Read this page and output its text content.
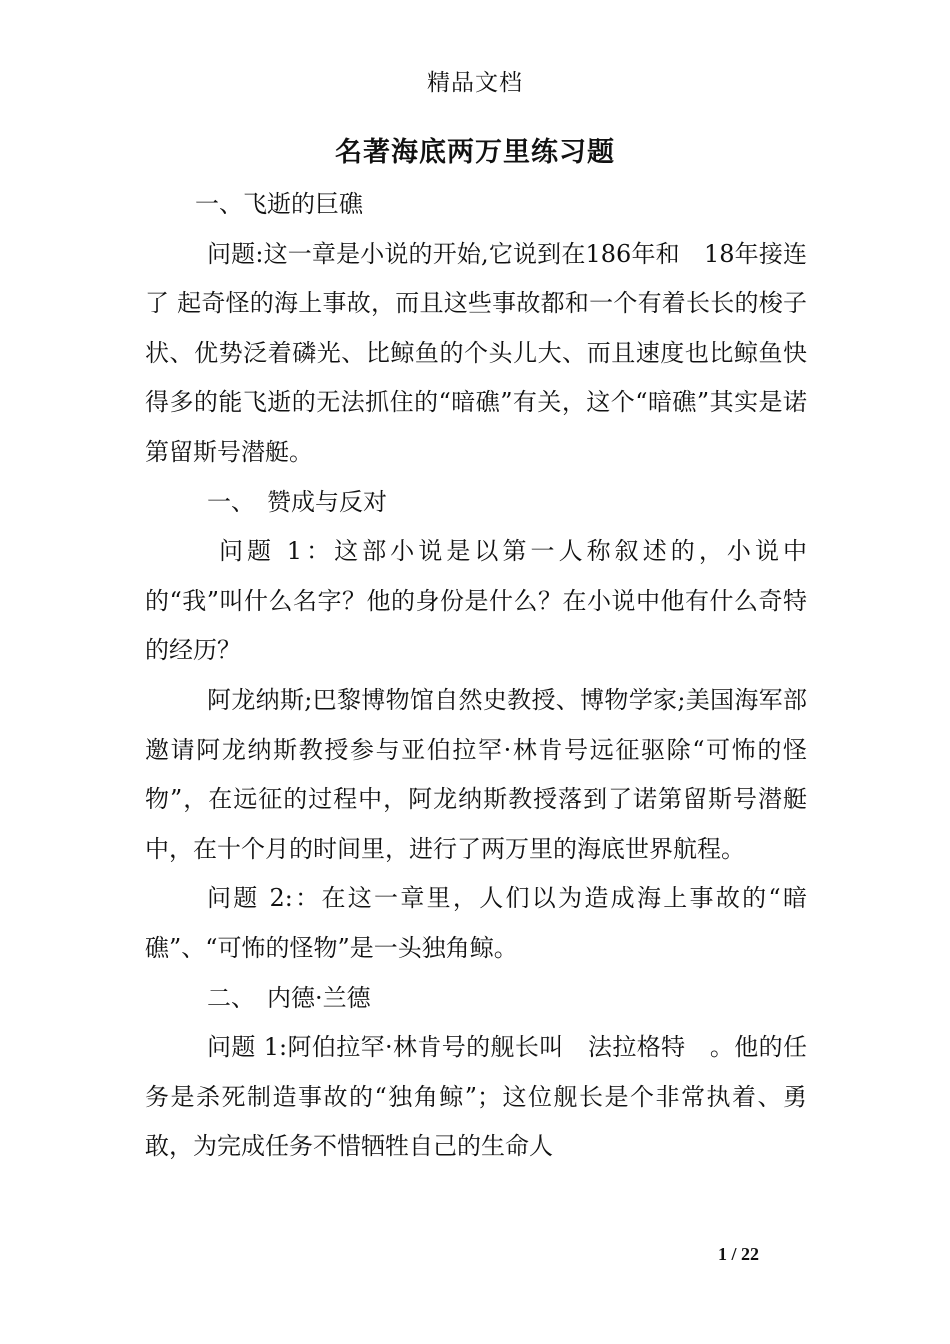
精品文档
名著海底两万里练习题

一、飞逝的巨礁

问题:这一章是小说的开始,它说到在186年和　18年接连了 起奇怪的海上事故，而且这些事故都和一个有着长长的梭子状、优势泛着磷光、比鲸鱼的个头儿大、而且速度也比鲸鱼快得多的能飞逝的无法抓住的“暗礁”有关，这个“暗礁”其实是诺第留斯号潜艇。

一、　赞成与反对

问题 1：这部小说是以第一人称叙述的，小说中的“我”叫什么名字？他的身份是什么？在小说中他有什么奇特的经历？

阿龙纳斯;巴黎博物馆自然史教授、博物学家;美国海军部邀请阿龙纳斯教授参与亚伯拉罕·林肯号远征驱除“可怖的怪物”，在远征的过程中，阿龙纳斯教授落到了诺第留斯号潜艇中，在十个月的时间里，进行了两万里的海底世界航程。

问题 2:：在这一章里，人们以为造成海上事故的“暗礁”、“可怖的怪物”是一头独角鲸。

二、　内德·兰德

问题 1:阿伯拉罕·林肯号的舰长叫　法拉格特　。他的任务是杀死制造事故的“独角鲸”；这位舰长是个非常执着、勇敢，为完成任务不惜牺牲自己的生命人

1 / 22
